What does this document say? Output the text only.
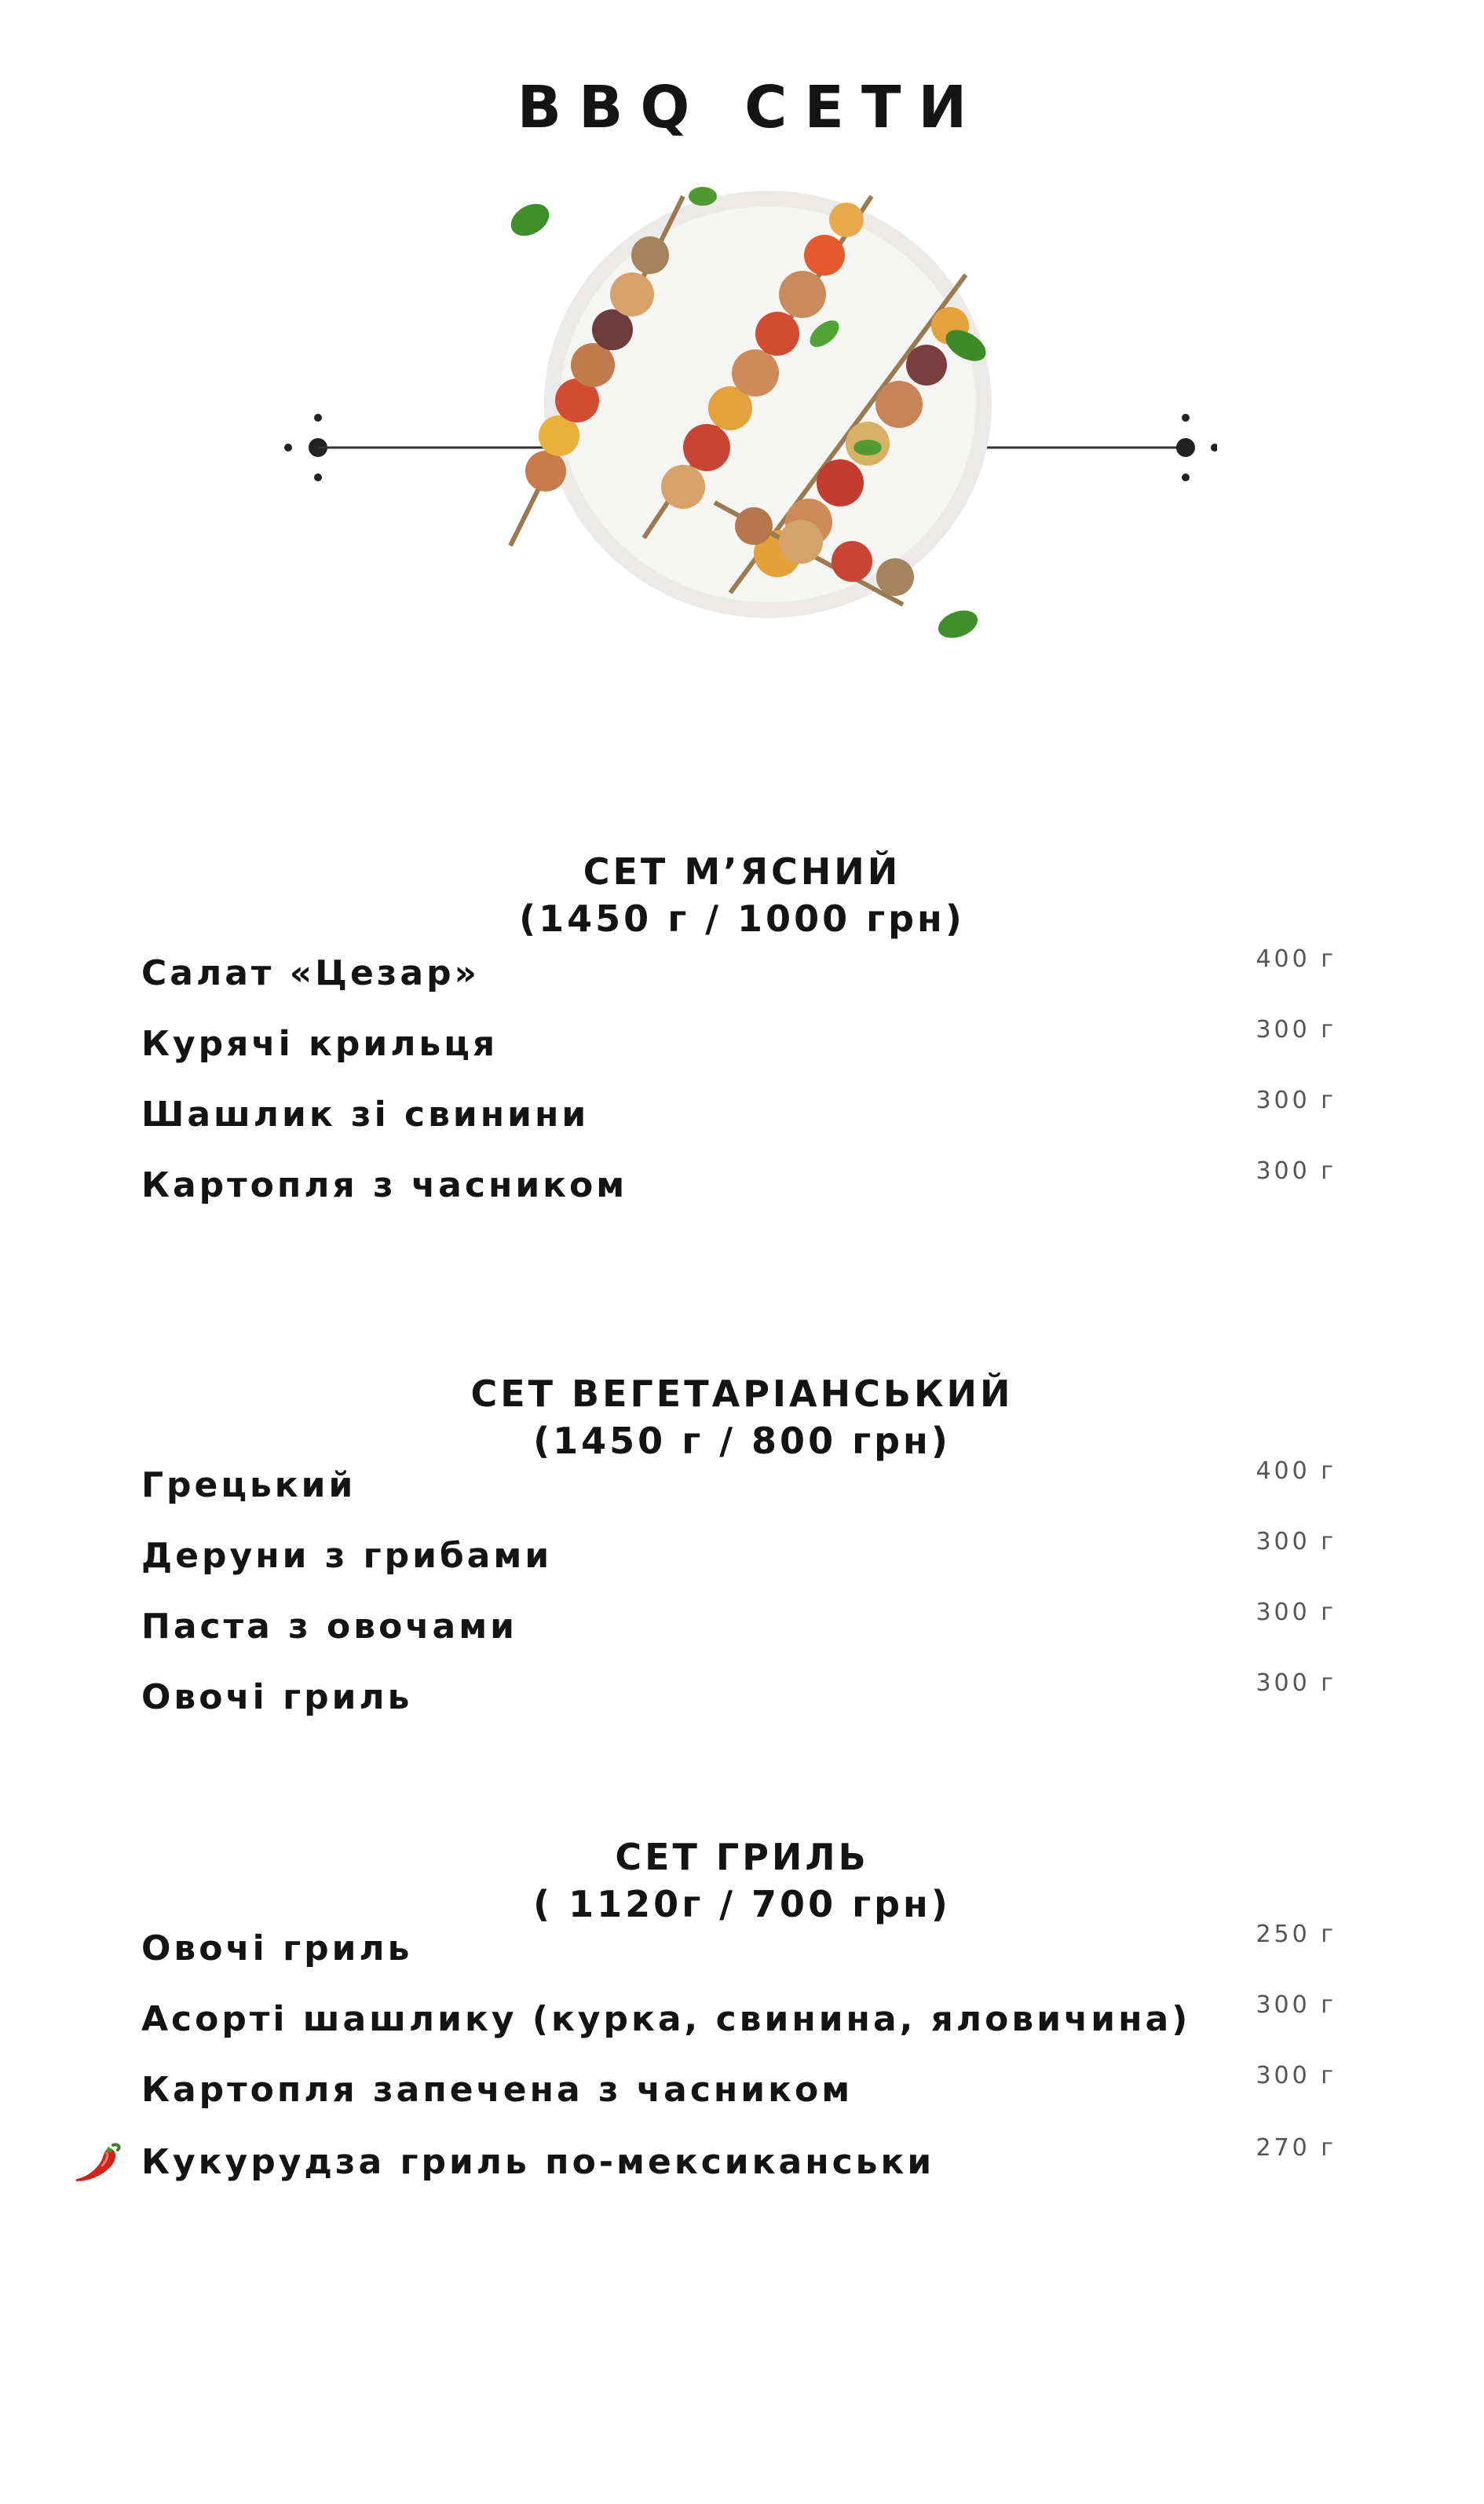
BBQ СЕТИ
СЕТ М’ЯСНИЙ
(1450 г / 1000 грн)
Салат «Цезар»	400 г
Курячі крильця	300 г
Шашлик зі свинини	300 г
Картопля з часником	300 г
СЕТ ВЕГЕТАРІАНСЬКИЙ
(1450 г / 800 грн)
Грецький	400 г
Деруни з грибами	300 г
Паста з овочами	300 г
Овочі гриль	300 г
СЕТ ГРИЛЬ
( 1120г / 700 грн)
Овочі гриль	250 г
Асорті шашлику (курка, свинина, яловичина)	300 г
Картопля запечена з часником	300 г
Кукурудза гриль по-мексиканськи	270 г
